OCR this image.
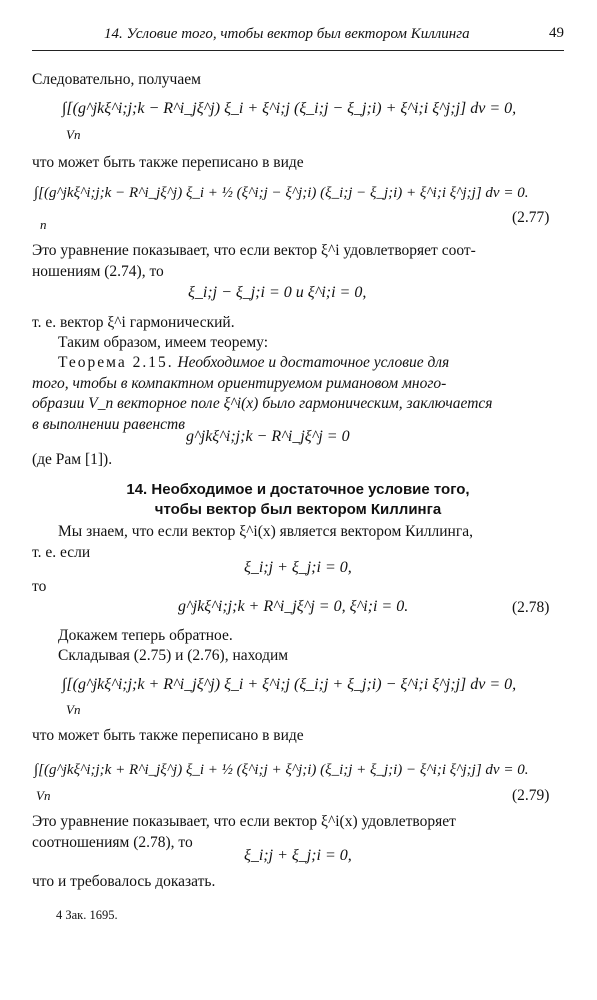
14. Условие того, чтобы вектор был вектором Киллинга	49
Следовательно, получаем
∫[(g^jkξ^i;j;k − R^i_jξ^j) ξ_i + ξ^i;j (ξ_i;j − ξ_j;i) + ξ^i;i ξ^j;j] dv = 0,
Vn
что может быть также переписано в виде
∫[(g^jkξ^i;j;k − R^i_jξ^j) ξ_i + ½ (ξ^i;j − ξ^j;i) (ξ_i;j − ξ_j;i) + ξ^i;i ξ^j;j] dv = 0.
n	(2.77)
Это уравнение показывает, что если вектор ξ^i удовлетворяет соот-
ношениям (2.74), то
ξ_i;j − ξ_j;i = 0 и ξ^i;i = 0,
т. е. вектор ξ^i гармонический.
Таким образом, имеем теорему:
Теорема 2.15. Необходимое и достаточное условие для
того, чтобы в компактном ориентируемом римановом много-
образии V_n векторное поле ξ^i(x) было гармоническим, заключается
в выполнении равенств
g^jkξ^i;j;k − R^i_jξ^j = 0
(де Рам [1]).
14. Необходимое и достаточное условие того,
чтобы вектор был вектором Киллинга
Мы знаем, что если вектор ξ^i(x) является вектором Киллинга,
т. е. если
ξ_i;j + ξ_j;i = 0,
то
g^jkξ^i;j;k + R^i_jξ^j = 0, ξ^i;i = 0.	(2.78)
Докажем теперь обратное.
Складывая (2.75) и (2.76), находим
∫[(g^jkξ^i;j;k + R^i_jξ^j) ξ_i + ξ^i;j (ξ_i;j + ξ_j;i) − ξ^i;i ξ^j;j] dv = 0,
Vn
что может быть также переписано в виде
∫[(g^jkξ^i;j;k + R^i_jξ^j) ξ_i + ½ (ξ^i;j + ξ^j;i) (ξ_i;j + ξ_j;i) − ξ^i;i ξ^j;j] dv = 0.
Vn	(2.79)
Это уравнение показывает, что если вектор ξ^i(x) удовлетворяет
соотношениям (2.78), то
ξ_i;j + ξ_j;i = 0,
что и требовалось доказать.
4 Зак. 1695.
